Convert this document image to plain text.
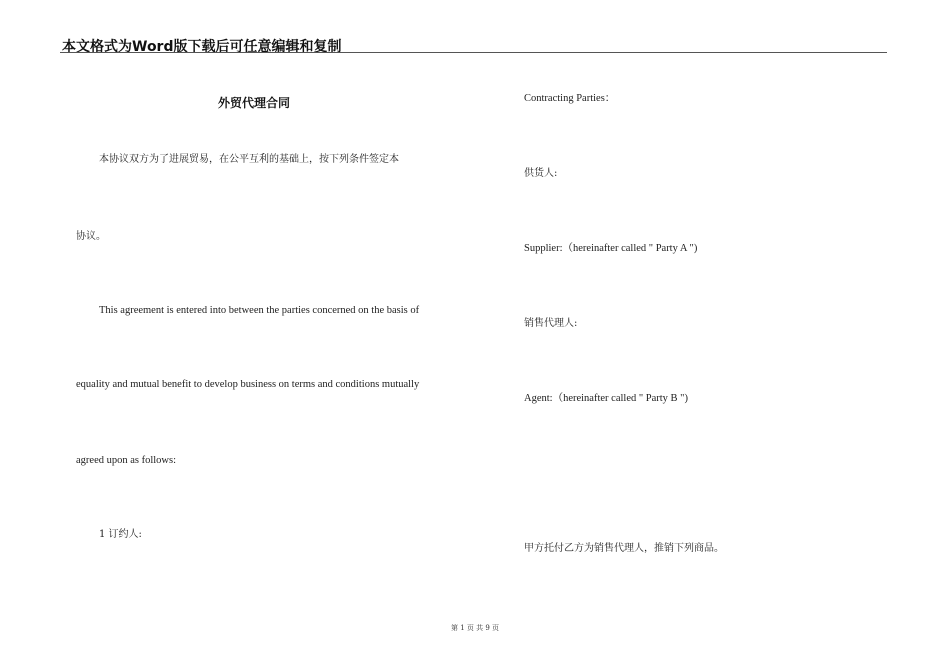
本文格式为Word版下载后可任意编辑和复制
外贸代理合同
本协议双方为了进展贸易，在公平互利的基础上，按下列条件签定本
协议。
This agreement is entered into between the parties concerned on the basis of
equality and mutual benefit to develop business on terms and conditions mutually
agreed upon as follows:
1 订约人:
Contracting Parties：
供货人:
Supplier:（hereinafter called " Party A ")
销售代理人:
Agent:（hereinafter called " Party B ")
甲方托付乙方为销售代理人，推销下列商品。
第 1 页 共 9 页
